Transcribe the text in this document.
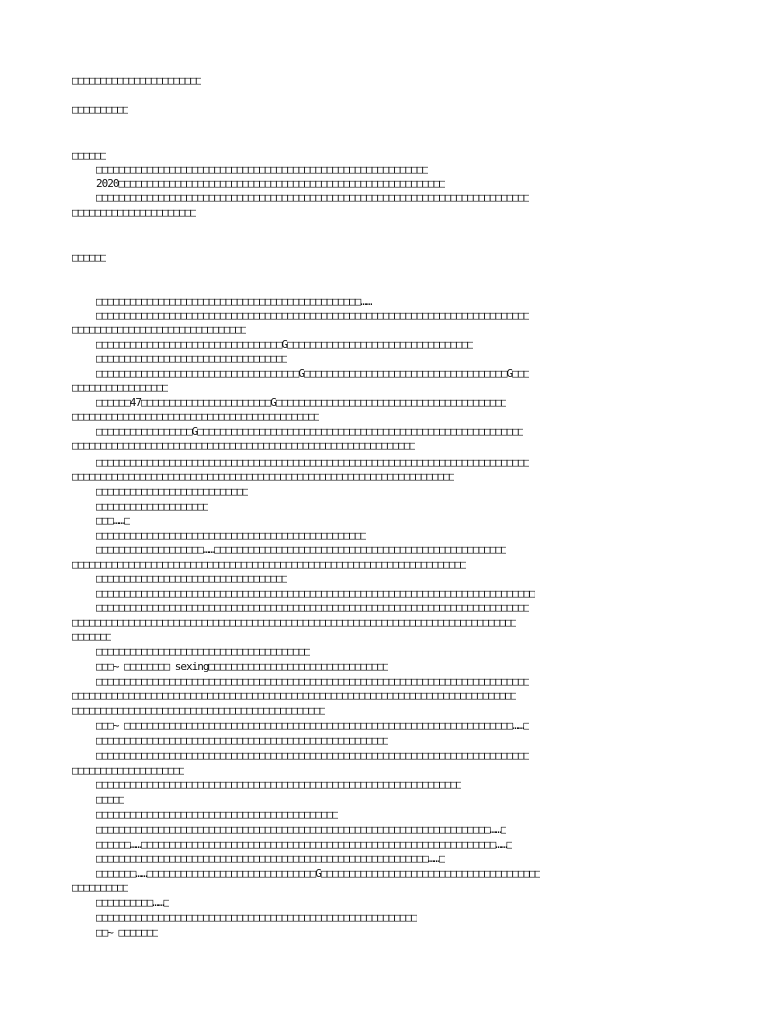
□□□□□□□□□□□□□□□□□□□□□□□
□□□□□□□□□□
□□□□□□
□□□□□□□□□□□□□□□□□□□□□□□□□□□□□□□□□□□□□□□□□□□□□□□□□□□□□□□□□□□
2020□□□□□□□□□□□□□□□□□□□□□□□□□□□□□□□□□□□□□□□□□□□□□□□□□□□□□□□□□□
□□□□□□□□□□□□□□□□□□□□□□□□□□□□□□□□□□□□□□□□□□□□□□□□□□□□□□□□□□□□□□□□□□□□□□□□□□□□□
□□□□□□□□□□□□□□□□□□□□□□
□□□□□□
□□□□□□□□□□□□□□□□□□□□□□□□□□□□□□□□□□□□□□□□□□□□□□□……
□□□□□□□□□□□□□□□□□□□□□□□□□□□□□□□□□□□□□□□□□□□□□□□□□□□□□□□□□□□□□□□□□□□□□□□□□□□□□
□□□□□□□□□□□□□□□□□□□□□□□□□□□□□□□
□□□□□□□□□□□□□□□□□□□□□□□□□□□□□□□□□G□□□□□□□□□□□□□□□□□□□□□□□□□□□□□□□□□
□□□□□□□□□□□□□□□□□□□□□□□□□□□□□□□□□□
□□□□□□□□□□□□□□□□□□□□□□□□□□□□□□□□□□□□G□□□□□□□□□□□□□□□□□□□□□□□□□□□□□□□□□□□□G□□□
□□□□□□□□□□□□□□□□□
□□□□□□47□□□□□□□□□□□□□□□□□□□□□□□G□□□□□□□□□□□□□□□□□□□□□□□□□□□□□□□□□□□□□□□□□
□□□□□□□□□□□□□□□□□□□□□□□□□□□□□□□□□□□□□□□□□□□□
□□□□□□□□□□□□□□□□□G□□□□□□□□□□□□□□□□□□□□□□□□□□□□□□□□□□□□□□□□□□□□□□□□□□□□□□□□□□
□□□□□□□□□□□□□□□□□□□□□□□□□□□□□□□□□□□□□□□□□□□□□□□□□□□□□□□□□□□□□
□□□□□□□□□□□□□□□□□□□□□□□□□□□□□□□□□□□□□□□□□□□□□□□□□□□□□□□□□□□□□□□□□□□□□□□□□□□□□
□□□□□□□□□□□□□□□□□□□□□□□□□□□□□□□□□□□□□□□□□□□□□□□□□□□□□□□□□□□□□□□□□□□□
□□□□□□□□□□□□□□□□□□□□□□□□□□□
□□□□□□□□□□□□□□□□□□□□
□□□……□
□□□□□□□□□□□□□□□□□□□□□□□□□□□□□□□□□□□□□□□□□□□□□□□□
□□□□□□□□□□□□□□□□□□□……□□□□□□□□□□□□□□□□□□□□□□□□□□□□□□□□□□□□□□□□□□□□□□□□□□□□
□□□□□□□□□□□□□□□□□□□□□□□□□□□□□□□□□□□□□□□□□□□□□□□□□□□□□□□□□□□□□□□□□□□□□□
□□□□□□□□□□□□□□□□□□□□□□□□□□□□□□□□□□
□□□□□□□□□□□□□□□□□□□□□□□□□□□□□□□□□□□□□□□□□□□□□□□□□□□□□□□□□□□□□□□□□□□□□□□□□□□□□□
□□□□□□□□□□□□□□□□□□□□□□□□□□□□□□□□□□□□□□□□□□□□□□□□□□□□□□□□□□□□□□□□□□□□□□□□□□□□□
□□□□□□□□□□□□□□□□□□□□□□□□□□□□□□□□□□□□□□□□□□□□□□□□□□□□□□□□□□□□□□□□□□□□□□□□□□□□□□□
□□□□□□□
□□□□□□□□□□□□□□□□□□□□□□□□□□□□□□□□□□□□□□
□□□~ □□□□□□□□ sexing□□□□□□□□□□□□□□□□□□□□□□□□□□□□□□□□
□□□□□□□□□□□□□□□□□□□□□□□□□□□□□□□□□□□□□□□□□□□□□□□□□□□□□□□□□□□□□□□□□□□□□□□□□□□□□
□□□□□□□□□□□□□□□□□□□□□□□□□□□□□□□□□□□□□□□□□□□□□□□□□□□□□□□□□□□□□□□□□□□□□□□□□□□□□□□
□□□□□□□□□□□□□□□□□□□□□□□□□□□□□□□□□□□□□□□□□□□□□
□□□~ □□□□□□□□□□□□□□□□□□□□□□□□□□□□□□□□□□□□□□□□□□□□□□□□□□□□□□□□□□□□□□□□□□□□□……□
□□□□□□□□□□□□□□□□□□□□□□□□□□□□□□□□□□□□□□□□□□□□□□□□□□□□
□□□□□□□□□□□□□□□□□□□□□□□□□□□□□□□□□□□□□□□□□□□□□□□□□□□□□□□□□□□□□□□□□□□□□□□□□□□□□
□□□□□□□□□□□□□□□□□□□□
□□□□□□□□□□□□□□□□□□□□□□□□□□□□□□□□□□□□□□□□□□□□□□□□□□□□□□□□□□□□□□□□□
□□□□□
□□□□□□□□□□□□□□□□□□□□□□□□□□□□□□□□□□□□□□□□□□□
□□□□□□□□□□□□□□□□□□□□□□□□□□□□□□□□□□□□□□□□□□□□□□□□□□□□□□□□□□□□□□□□□□□□□□……□
□□□□□□……□□□□□□□□□□□□□□□□□□□□□□□□□□□□□□□□□□□□□□□□□□□□□□□□□□□□□□□□□□□□□□□……□
□□□□□□□□□□□□□□□□□□□□□□□□□□□□□□□□□□□□□□□□□□□□□□□□□□□□□□□□□□□……□
□□□□□□□……□□□□□□□□□□□□□□□□□□□□□□□□□□□□□□G□□□□□□□□□□□□□□□□□□□□□□□□□□□□□□□□□□□□□□□
□□□□□□□□□□
□□□□□□□□□□……□
□□□□□□□□□□□□□□□□□□□□□□□□□□□□□□□□□□□□□□□□□□□□□□□□□□□□□□□□□
□□~ □□□□□□□
